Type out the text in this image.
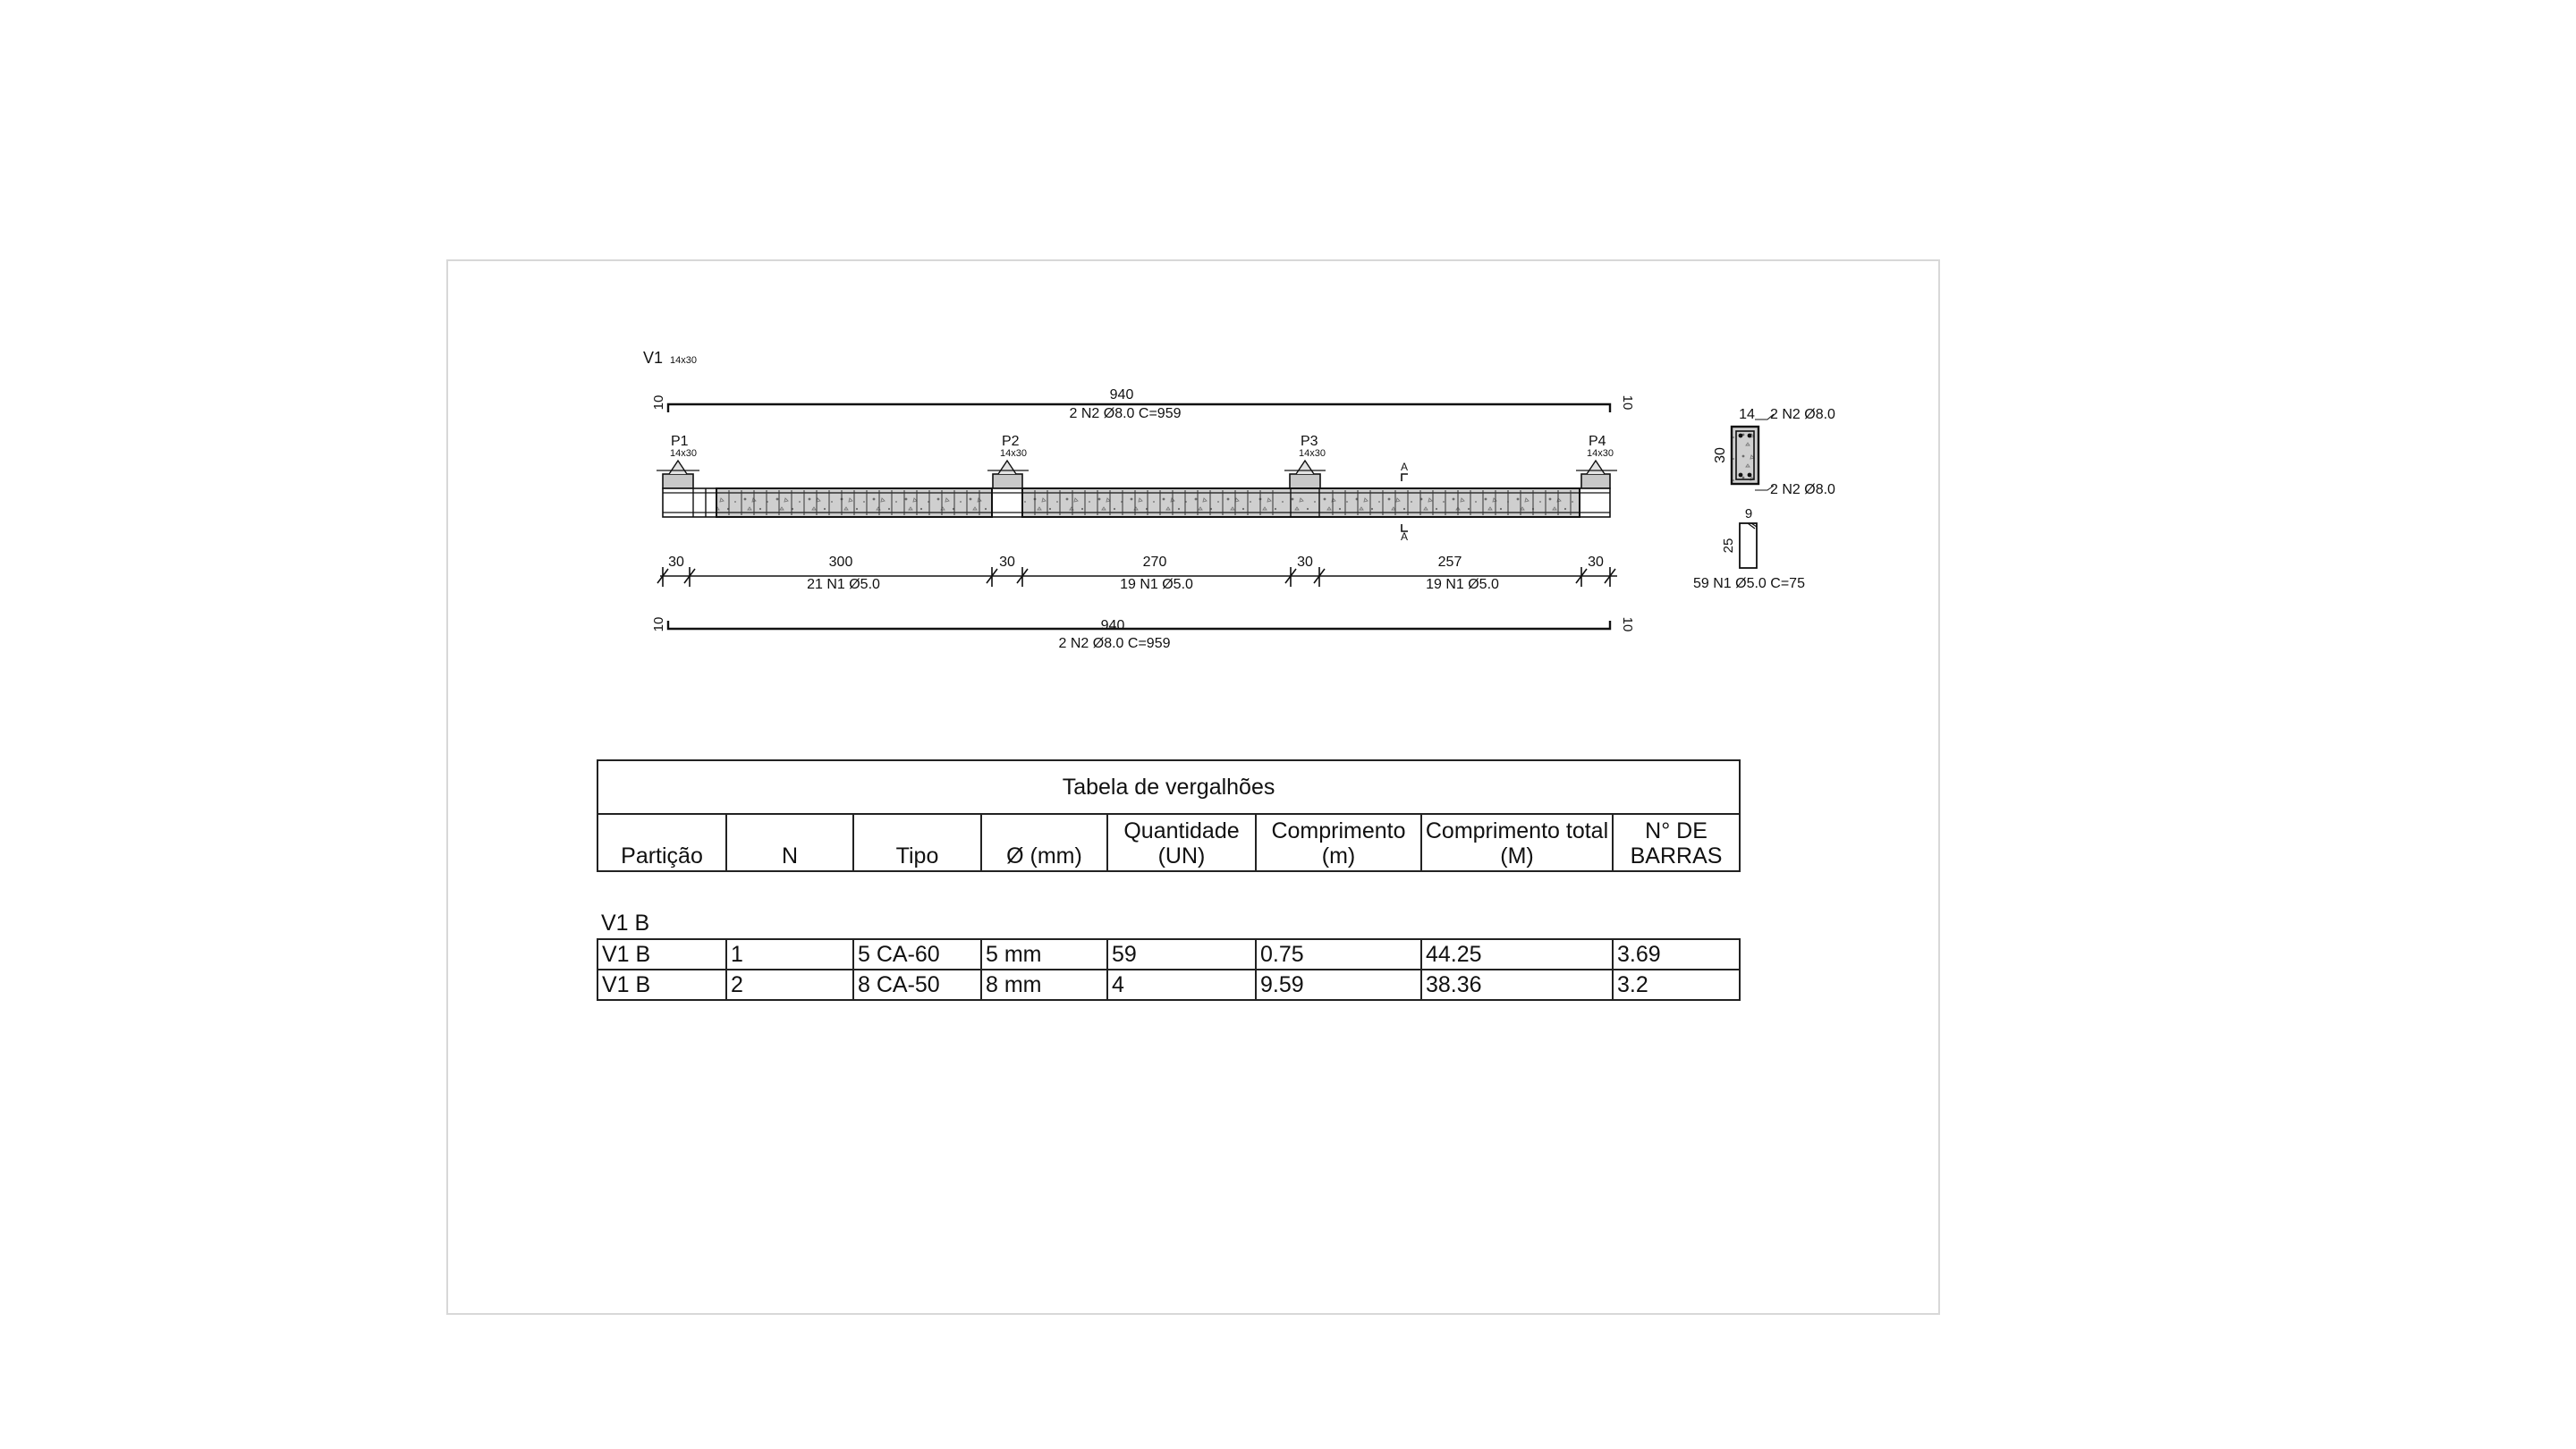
V1 14x30
940
2 N2 Ø8.0 C=959
10	10
P1
14x30
P2
14x30
P3
14x30
P4
14x30
A
A
30	300
21 N1 Ø5.0
30	270
19 N1 Ø5.0
30	257
19 N1 Ø5.0
30
940
2 N2 Ø8.0 C=959
10	10
14
30
2 N2 Ø8.0
2 N2 Ø8.0
9
25
59 N1 Ø5.0 C=75
Tabela de vergalhões							
Partição	N	Tipo	Ø (mm)	Quantidade (UN)	Comprimento (m)	Comprimento total (M)	N° DE BARRAS

V1 B							
V1 B	1	5 CA-60	5 mm	59	0.75	44.25	3.69
V1 B	2	8 CA-50	8 mm	4	9.59	38.36	3.2
